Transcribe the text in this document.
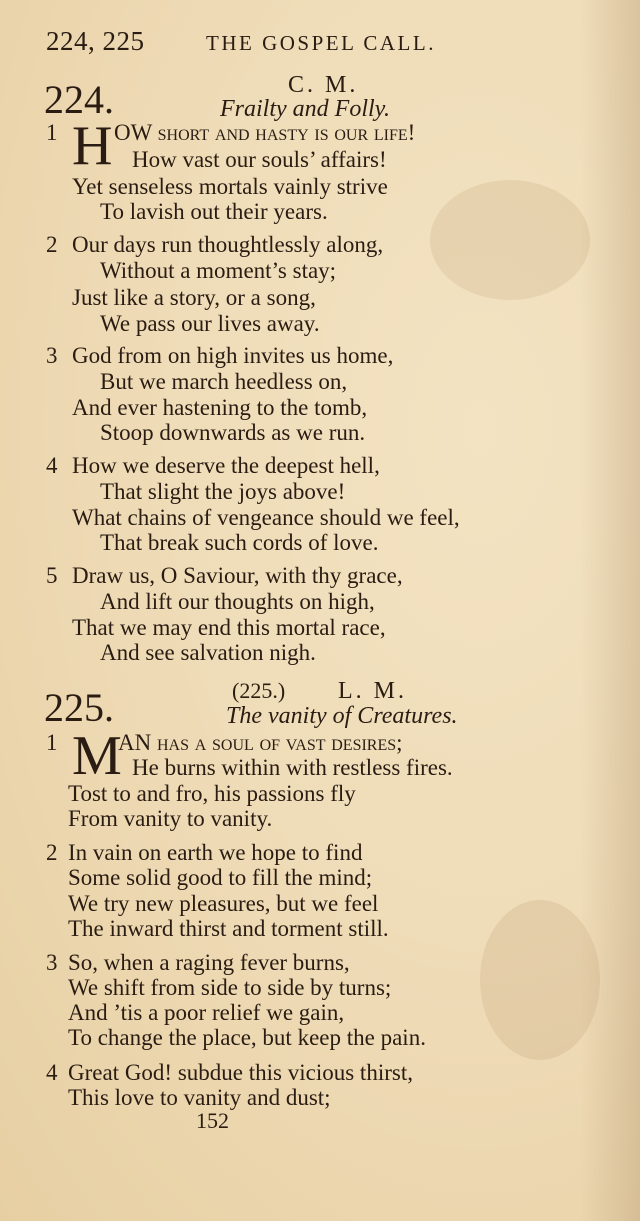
224, 225	THE GOSPEL CALL.
224.	C. M.
Frailty and Folly.
1 H OW short and hasty is our life!
How vast our souls’ affairs!
Yet senseless mortals vainly strive
To lavish out their years.
2 Our days run thoughtlessly along,
Without a moment’s stay;
Just like a story, or a song,
We pass our lives away.
3 God from on high invites us home,
But we march heedless on,
And ever hastening to the tomb,
Stoop downwards as we run.
4 How we deserve the deepest hell,
That slight the joys above!
What chains of vengeance should we feel,
That break such cords of love.
5 Draw us, O Saviour, with thy grace,
And lift our thoughts on high,
That we may end this mortal race,
And see salvation nigh.
225.	(225.) L. M.
The vanity of Creatures.
1 M
AN has a soul of vast desires;
He burns within with restless fires.
Tost to and fro, his passions fly
From vanity to vanity.
2 In vain on earth we hope to find
Some solid good to fill the mind;
We try new pleasures, but we feel
The inward thirst and torment still.
3 So, when a raging fever burns,
We shift from side to side by turns;
And ’tis a poor relief we gain,
To change the place, but keep the pain.
4 Great God! subdue this vicious thirst,
This love to vanity and dust;
152
